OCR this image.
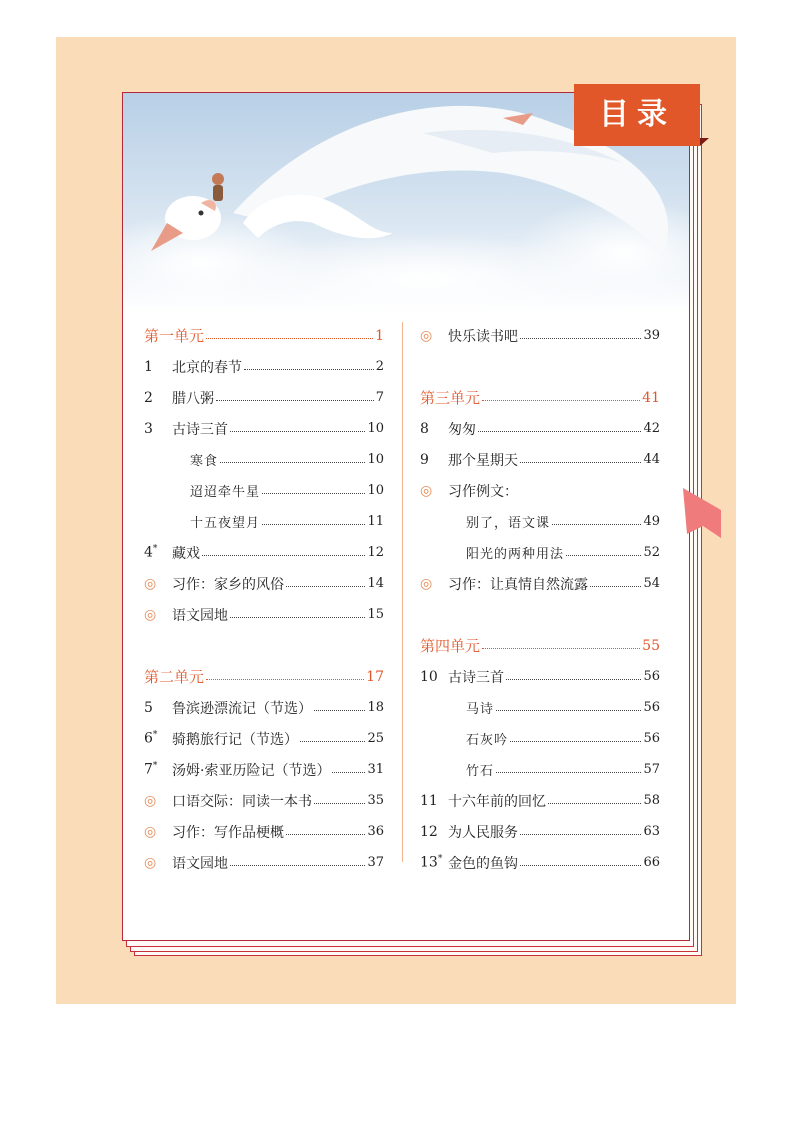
目录
第一单元	1
1	北京的春节	2
2	腊八粥	7
3	古诗三首	10
寒食	10
迢迢牵牛星	10
十五夜望月	11
4*	藏戏	12
◎	习作：家乡的风俗	14
◎	语文园地	15
第二单元	17
5	鲁滨逊漂流记（节选）	18
6*	骑鹅旅行记（节选）	25
7*	汤姆·索亚历险记（节选）	31
◎	口语交际：同读一本书	35
◎	习作：写作品梗概	36
◎	语文园地	37
◎	快乐读书吧	39
第三单元	41
8	匆匆	42
9	那个星期天	44
◎	习作例文：
别了，语文课	49
阳光的两种用法	52
◎	习作：让真情自然流露	54
第四单元	55
10 古诗三首	56
马诗	56
石灰吟	56
竹石	57
11 十六年前的回忆	58
12 为人民服务	63
13* 金色的鱼钩	66
